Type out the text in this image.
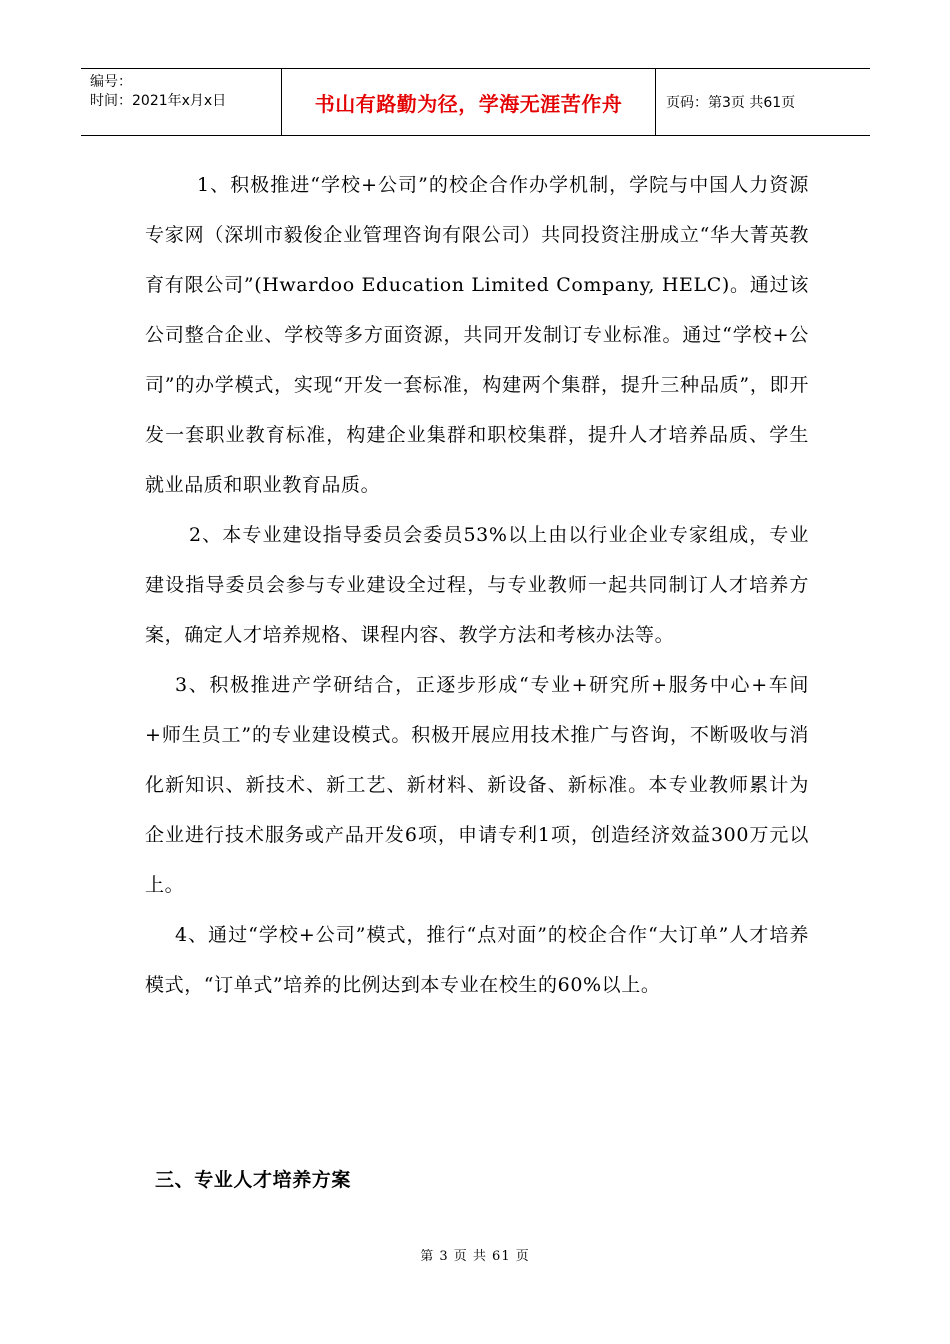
编号：
时间：2021年x月x日	书山有路勤为径，学海无涯苦作舟	页码：第3页 共61页

1、积极推进“学校+公司”的校企合作办学机制，学院与中国人力资源专家网（深圳市毅俊企业管理咨询有限公司）共同投资注册成立“华大菁英教育有限公司”(Hwardoo Education Limited Company, HELC)。通过该公司整合企业、学校等多方面资源，共同开发制订专业标准。通过“学校+公司”的办学模式，实现“开发一套标准，构建两个集群，提升三种品质”，即开发一套职业教育标准，构建企业集群和职校集群，提升人才培养品质、学生就业品质和职业教育品质。

2、本专业建设指导委员会委员53%以上由以行业企业专家组成，专业建设指导委员会参与专业建设全过程，与专业教师一起共同制订人才培养方案，确定人才培养规格、课程内容、教学方法和考核办法等。

3、积极推进产学研结合，正逐步形成“专业+研究所+服务中心+车间+师生员工”的专业建设模式。积极开展应用技术推广与咨询，不断吸收与消化新知识、新技术、新工艺、新材料、新设备、新标准。本专业教师累计为企业进行技术服务或产品开发6项，申请专利1项，创造经济效益300万元以上。

4、通过“学校+公司”模式，推行“点对面”的校企合作“大订单”人才培养模式，“订单式”培养的比例达到本专业在校生的60%以上。

三、专业人才培养方案
第 3 页 共 61 页
